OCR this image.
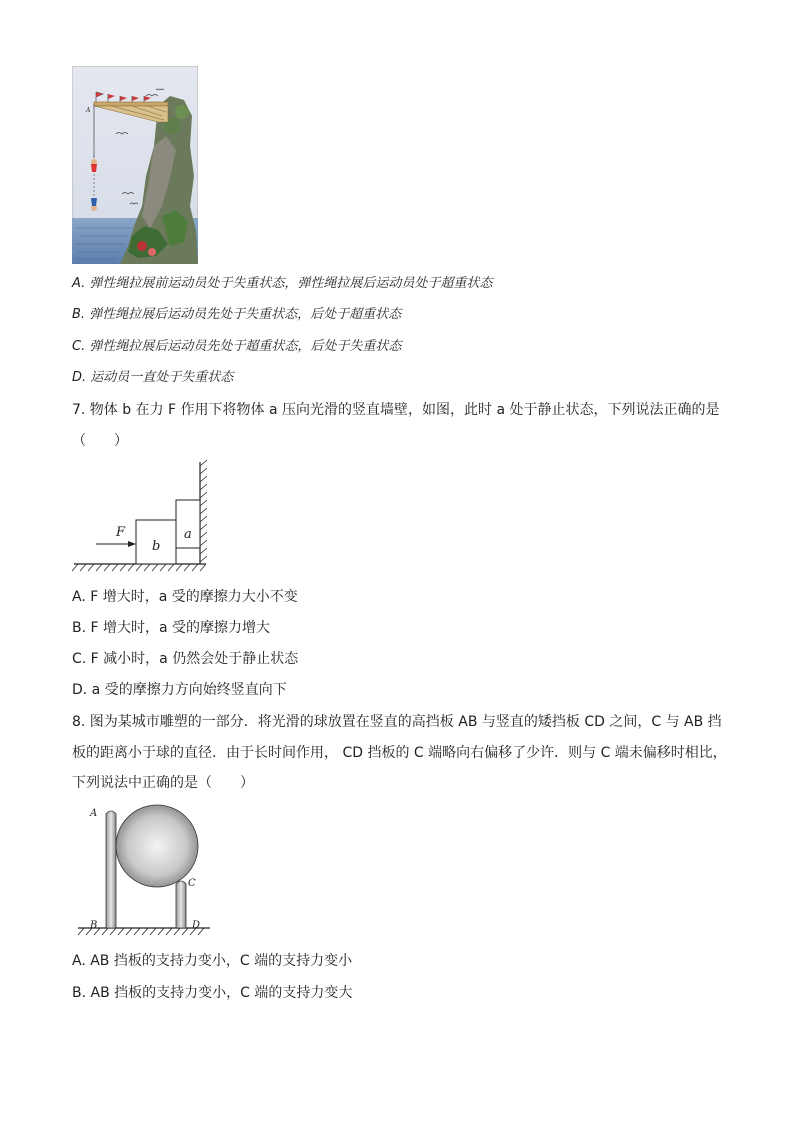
A
A. 弹性绳拉展前运动员处于失重状态，弹性绳拉展后运动员处于超重状态
B. 弹性绳拉展后运动员先处于失重状态，后处于超重状态
C. 弹性绳拉展后运动员先处于超重状态，后处于失重状态
D. 运动员一直处于失重状态
7. 物体 b 在力 F 作用下将物体 a 压向光滑的竖直墙壁，如图，此时 a 处于静止状态，下列说法正确的是
（　　）
F
b
a
A. F 增大时，a 受的摩擦力大小不变
B. F 增大时，a 受的摩擦力增大
C. F 减小时，a 仍然会处于静止状态
D. a 受的摩擦力方向始终竖直向下
8. 图为某城市雕塑的一部分．将光滑的球放置在竖直的高挡板 AB 与竖直的矮挡板 CD 之间，C 与 AB 挡
板的距离小于球的直径．由于长时间作用， CD 挡板的 C 端略向右偏移了少许．则与 C 端未偏移时相比，
下列说法中正确的是（　　）
A
B
C
D
A. AB 挡板的支持力变小，C 端的支持力变小
B. AB 挡板的支持力变小，C 端的支持力变大
